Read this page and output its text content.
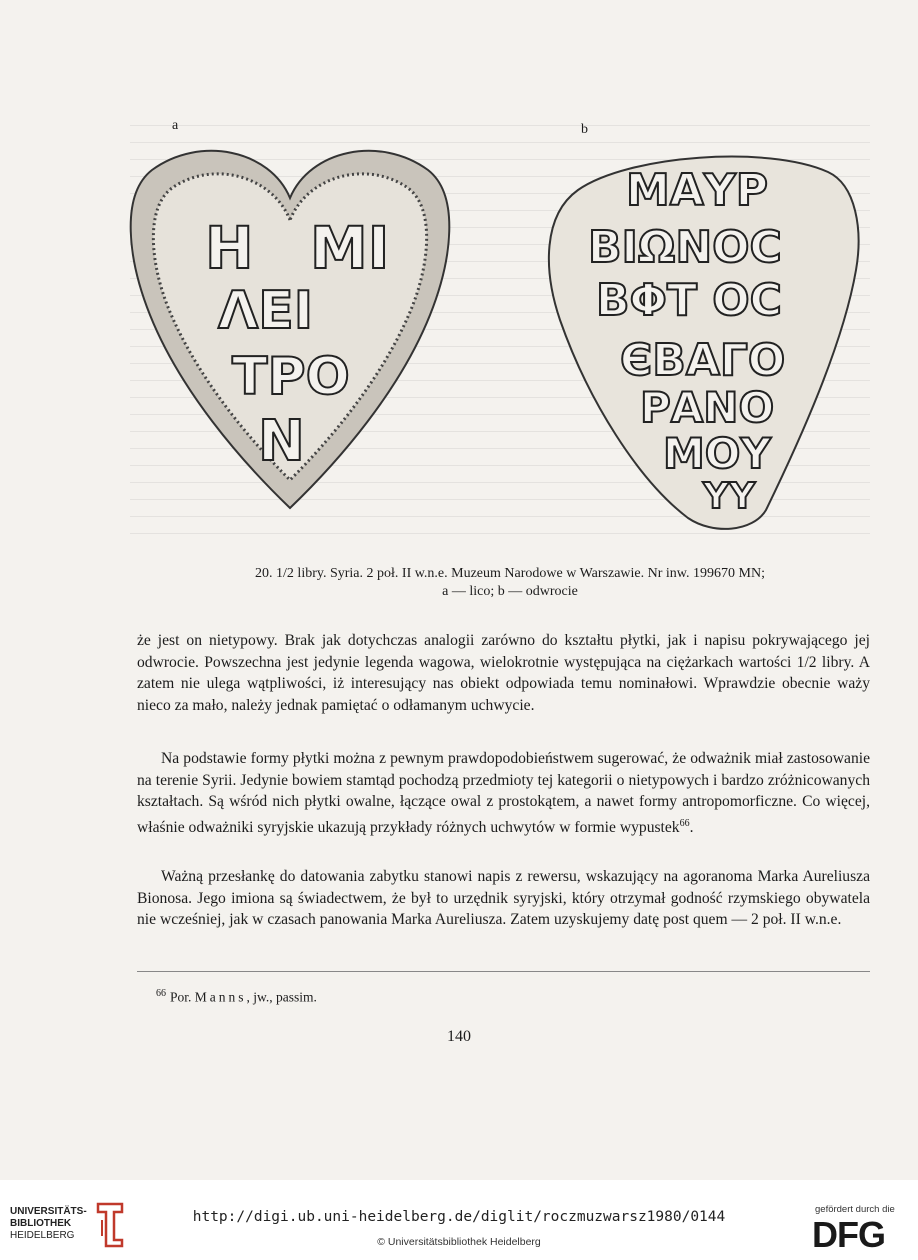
a	b
Η ΜΙ
ΛΕΙ
ΤΡΟ
Ν
ΜΑΥΡ
ΒΙΩΝΟC
ΒΦΤ ΟC
ЄΒΑΓΟ
ΡΑΝΟ
ΜΟΥ
ΥΥ
20. 1/2 libry. Syria. 2 poł. II w.n.e. Muzeum Narodowe w Warszawie. Nr inw. 199670 MN;
a — lico; b — odwrocie

że jest on nietypowy. Brak jak dotychczas analogii zarówno do kształtu płytki, jak i napisu pokrywającego jej odwrocie. Powszechna jest jedynie legenda wagowa, wielokrotnie występująca na ciężarkach wartości 1/2 libry. A zatem nie ulega wątpliwości, iż interesujący nas obiekt odpowiada temu nominałowi. Wprawdzie obecnie waży nieco za mało, należy jednak pamiętać o odłamanym uchwycie.

Na podstawie formy płytki można z pewnym prawdopodobieństwem sugerować, że odważnik miał zastosowanie na terenie Syrii. Jedynie bowiem stamtąd pochodzą przedmioty tej kategorii o nietypowych i bardzo zróżnicowanych kształtach. Są wśród nich płytki owalne, łączące owal z prostokątem, a nawet formy antropomorficzne. Co więcej, właśnie odważniki syryjskie ukazują przykłady różnych uchwytów w formie wypustek$^{66}$.

Ważną przesłankę do datowania zabytku stanowi napis z rewersu, wskazujący na agoranoma Marka Aureliusza Bionosa. Jego imiona są świadectwem, że był to urzędnik syryjski, który otrzymał godność rzymskiego obywatela nie wcześniej, jak w czasach panowania Marka Aureliusza. Zatem uzyskujemy datę post quem — 2 poł. II w.n.e.

$^{66}$ Por. Manns, jw., passim.
140
UNIVERSITÄTS-
BIBLIOTHEK
HEIDELBERG
http://digi.ub.uni-heidelberg.de/diglit/roczmuzwarsz1980/0144
© Universitätsbibliothek Heidelberg
gefördert durch die
DFG
